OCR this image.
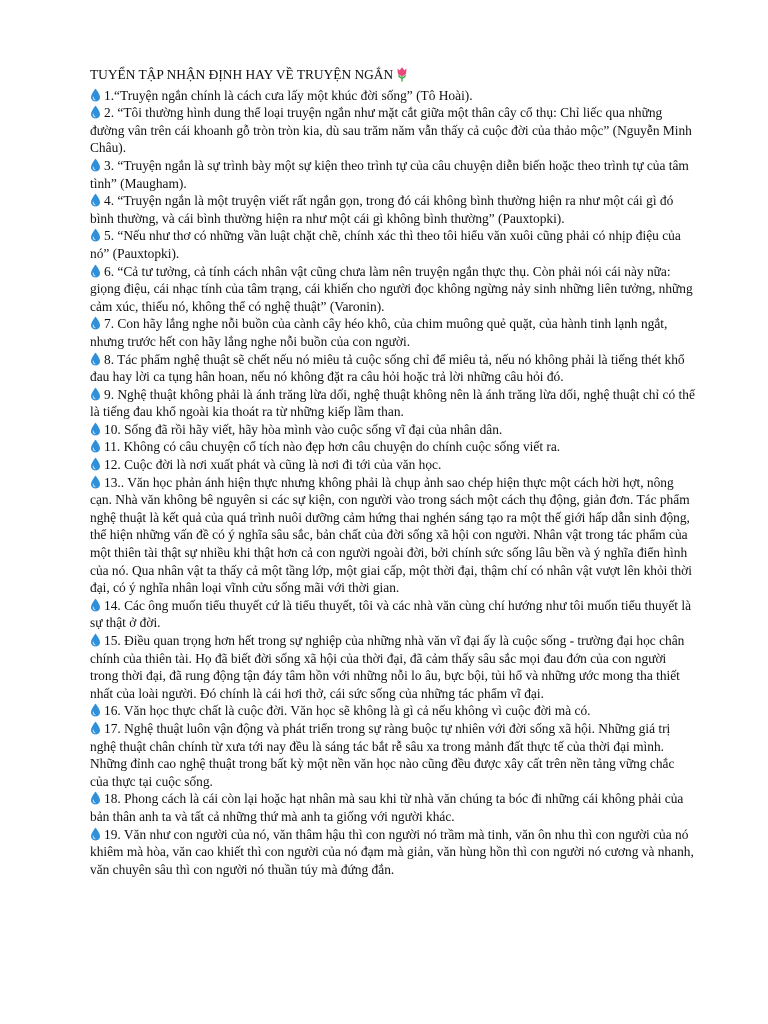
TUYỂN TẬP NHẬN ĐỊNH HAY VỀ TRUYỆN NGẮN

1.“Truyện ngắn chính là cách cưa lấy một khúc đời sống” (Tô Hoài).

2. “Tôi thường hình dung thể loại truyện ngắn như mặt cắt giữa một thân cây cổ thụ: Chỉ liếc qua những đường vân trên cái khoanh gỗ tròn tròn kia, dù sau trăm năm vẫn thấy cả cuộc đời của thảo mộc” (Nguyễn Minh Châu).

3. “Truyện ngắn là sự trình bày một sự kiện theo trình tự của câu chuyện diễn biến hoặc theo trình tự của tâm tình” (Maugham).

4. “Truyện ngắn là một truyện viết rất ngắn gọn, trong đó cái không bình thường hiện ra như một cái gì đó bình thường, và cái bình thường hiện ra như một cái gì không bình thường” (Pauxtopki).

5. “Nếu như thơ có những vần luật chặt chẽ, chính xác thì theo tôi hiểu văn xuôi cũng phải có nhịp điệu của nó” (Pauxtopki).

6. “Cả tư tưởng, cả tính cách nhân vật cũng chưa làm nên truyện ngắn thực thụ. Còn phải nói cái này nữa: giọng điệu, cái nhạc tính của tâm trạng, cái khiến cho người đọc không ngừng nảy sinh những liên tưởng, những cảm xúc, thiếu nó, không thể có nghệ thuật” (Varonin).

7. Con hãy lắng nghe nỗi buồn của cành cây héo khô, của chim muông quẻ quặt, của hành tinh lạnh ngắt, nhưng trước hết con hãy lắng nghe nỗi buồn của con người.

8. Tác phẩm nghệ thuật sẽ chết nếu nó miêu tả cuộc sống chỉ để miêu tả, nếu nó không phải là tiếng thét khổ đau hay lời ca tụng hân hoan, nếu nó không đặt ra câu hỏi hoặc trả lời những câu hỏi đó.

9. Nghệ thuật không phải là ánh trăng lừa dối, nghệ thuật không nên là ánh trăng lừa dối, nghệ thuật chỉ có thể là tiếng đau khổ ngoài kia thoát ra từ những kiếp lầm than.

10. Sống đã rồi hãy viết, hãy hòa mình vào cuộc sống vĩ đại của nhân dân.

11. Không có câu chuyện cổ tích nào đẹp hơn câu chuyện do chính cuộc sống viết ra.

12. Cuộc đời là nơi xuất phát và cũng là nơi đi tới của văn học.

13.. Văn học phản ánh hiện thực nhưng không phải là chụp ảnh sao chép hiện thực một cách hời hợt, nông cạn. Nhà văn không bê nguyên si các sự kiện, con người vào trong sách một cách thụ động, giản đơn. Tác phẩm nghệ thuật là kết quả của quá trình nuôi dưỡng cảm hứng thai nghén sáng tạo ra một thế giới hấp dẫn sinh động, thể hiện những vấn đề có ý nghĩa sâu sắc, bản chất của đời sống xã hội con người. Nhân vật trong tác phẩm của một thiên tài thật sự nhiều khi thật hơn cả con người ngoài đời, bởi chính sức sống lâu bền và ý nghĩa điển hình của nó. Qua nhân vật ta thấy cả một tầng lớp, một giai cấp, một thời đại, thậm chí có nhân vật vượt lên khỏi thời đại, có ý nghĩa nhân loại vĩnh cửu sống mãi với thời gian.

14. Các ông muốn tiểu thuyết cứ là tiểu thuyết, tôi và các nhà văn cùng chí hướng như tôi muốn tiểu thuyết là sự thật ở đời.

15. Điều quan trọng hơn hết trong sự nghiệp của những nhà văn vĩ đại ấy là cuộc sống - trường đại học chân chính của thiên tài. Họ đã biết đời sống xã hội của thời đại, đã cảm thấy sâu sắc mọi đau đớn của con người trong thời đại, đã rung động tận đáy tâm hồn với những nỗi lo âu, bực bội, tủi hổ và những ước mong tha thiết nhất của loài người. Đó chính là cái hơi thở, cái sức sống của những tác phẩm vĩ đại.

16. Văn học thực chất là cuộc đời. Văn học sẽ không là gì cả nếu không vì cuộc đời mà có.

17. Nghệ thuật luôn vận động và phát triển trong sự ràng buộc tự nhiên với đời sống xã hội. Những giá trị nghệ thuật chân chính từ xưa tới nay đều là sáng tác bắt rễ sâu xa trong mảnh đất thực tế của thời đại mình. Những đỉnh cao nghệ thuật trong bất kỳ một nền văn học nào cũng đều được xây cất trên nền tảng vững chắc của thực tại cuộc sống.

18. Phong cách là cái còn lại hoặc hạt nhân mà sau khi từ nhà văn chúng ta bóc đi những cái không phải của bản thân anh ta và tất cả những thứ mà anh ta giống với người khác.

19. Văn như con người của nó, văn thâm hậu thì con người nó trầm mà tinh, văn ôn nhu thì con người của nó khiêm mà hòa, văn cao khiết thì con người của nó đạm mà giản, văn hùng hồn thì con người nó cương và nhanh, văn chuyên sâu thì con người nó thuần túy mà đứng đắn.
